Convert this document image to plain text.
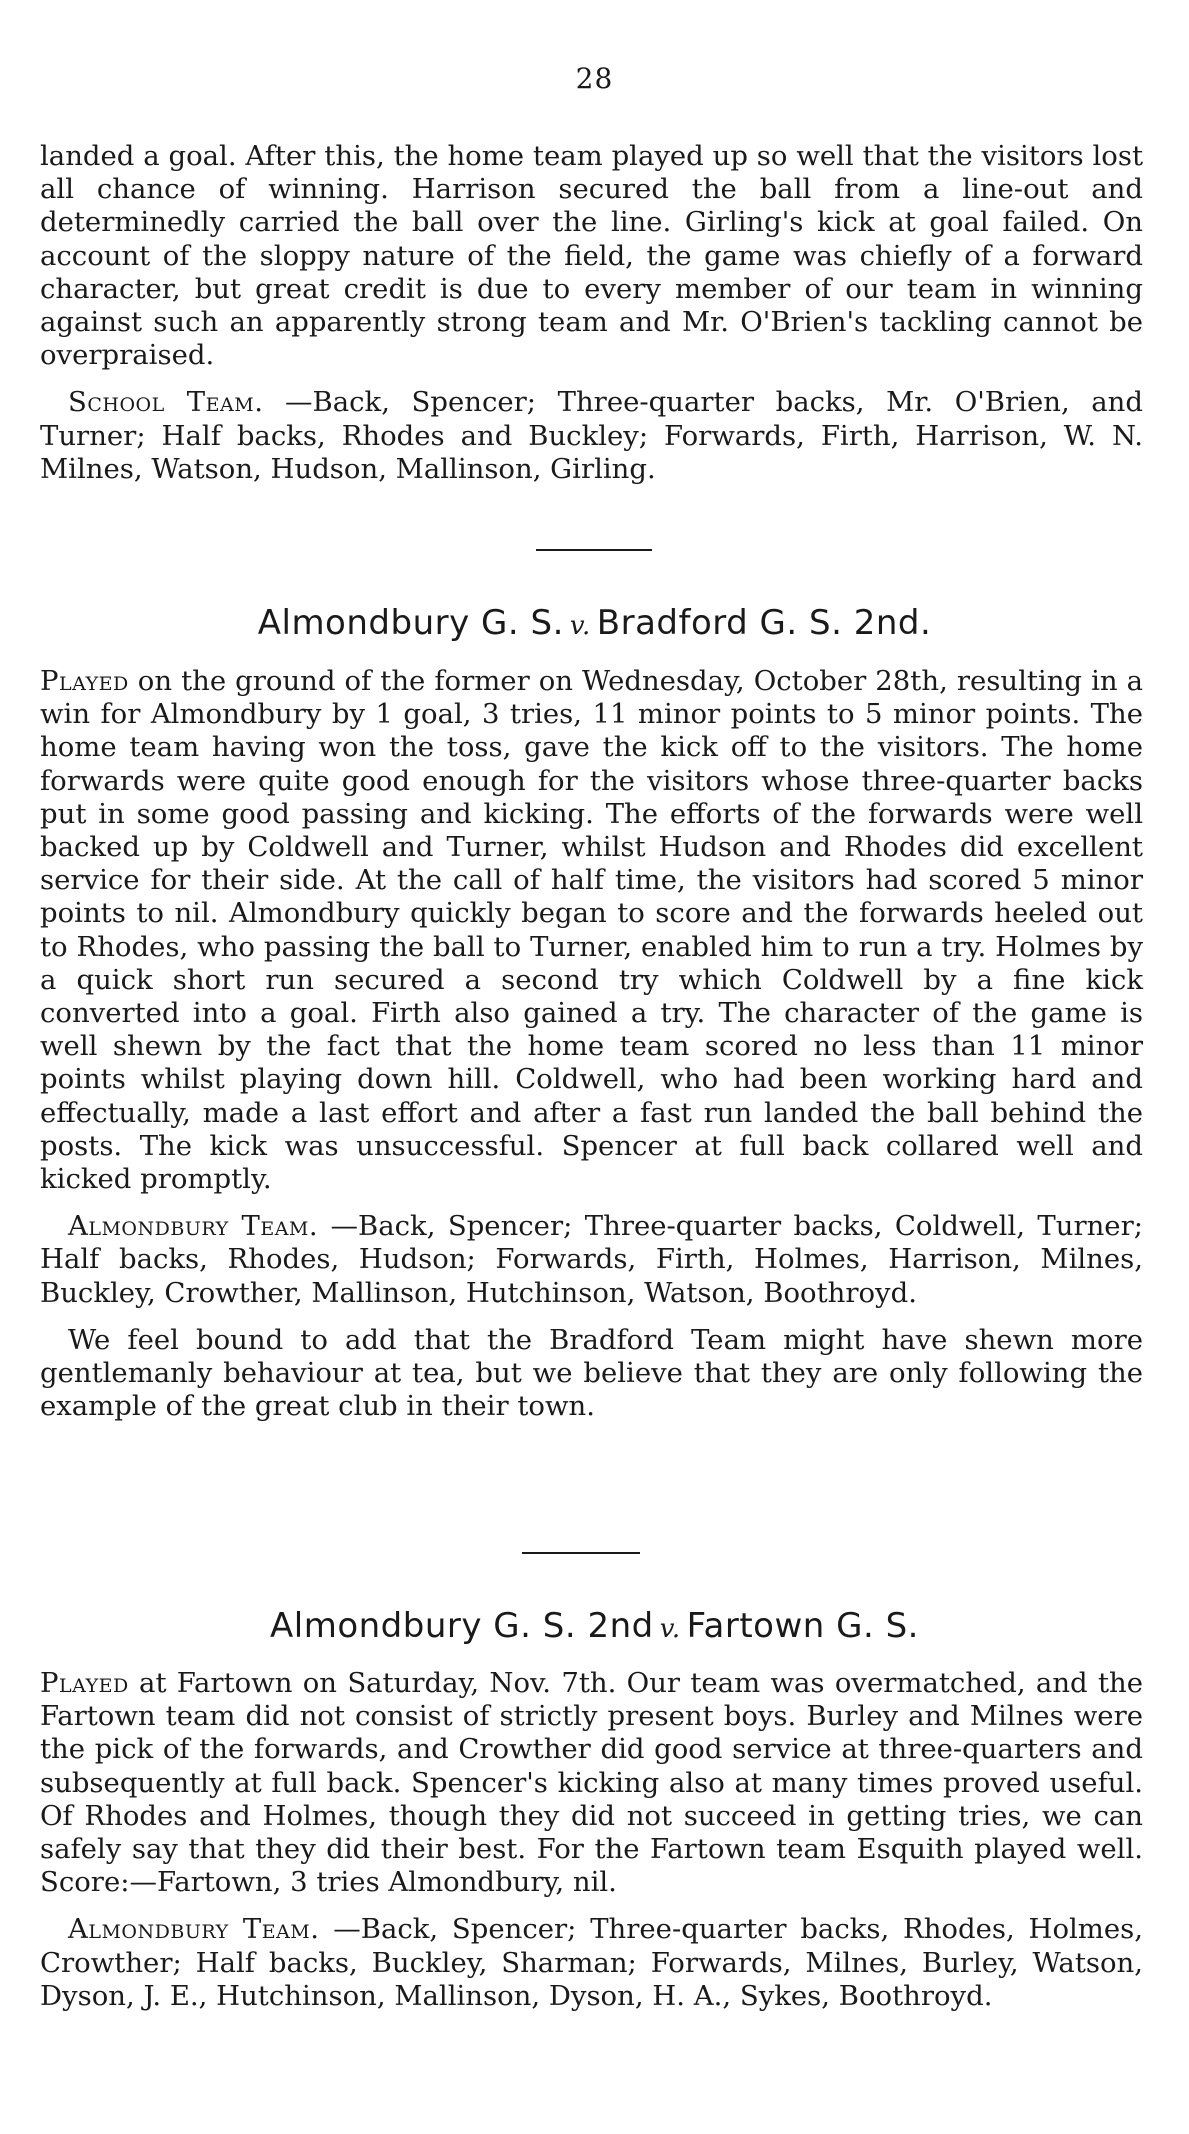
28

landed a goal. After this, the home team played up so well that the visitors lost all chance of winning. Harrison secured the ball from a line-out and determinedly carried the ball over the line. Girling's kick at goal failed. On account of the sloppy nature of the field, the game was chiefly of a forward character, but great credit is due to every member of our team in winning against such an apparently strong team and Mr. O'Brien's tackling cannot be overpraised.

School Team. —Back, Spencer; Three-quarter backs, Mr. O'Brien, and Turner; Half backs, Rhodes and Buckley; Forwards, Firth, Harrison, W. N. Milnes, Watson, Hudson, Mallinson, Girling.

Almondbury G. S. v. Bradford G. S. 2nd.

Played on the ground of the former on Wednesday, October 28th, resulting in a win for Almondbury by 1 goal, 3 tries, 11 minor points to 5 minor points. The home team having won the toss, gave the kick off to the visitors. The home forwards were quite good enough for the visitors whose three-quarter backs put in some good passing and kicking. The efforts of the forwards were well backed up by Coldwell and Turner, whilst Hudson and Rhodes did excellent service for their side. At the call of half time, the visitors had scored 5 minor points to nil. Almondbury quickly began to score and the forwards heeled out to Rhodes, who passing the ball to Turner, enabled him to run a try. Holmes by a quick short run secured a second try which Coldwell by a fine kick converted into a goal. Firth also gained a try. The character of the game is well shewn by the fact that the home team scored no less than 11 minor points whilst playing down hill. Coldwell, who had been working hard and effectually, made a last effort and after a fast run landed the ball behind the posts. The kick was unsuccessful. Spencer at full back collared well and kicked promptly.

Almondbury Team. —Back, Spencer; Three-quarter backs, Coldwell, Turner; Half backs, Rhodes, Hudson; Forwards, Firth, Holmes, Harrison, Milnes, Buckley, Crowther, Mallinson, Hutchinson, Watson, Boothroyd.

We feel bound to add that the Bradford Team might have shewn more gentlemanly behaviour at tea, but we believe that they are only following the example of the great club in their town.

Almondbury G. S. 2nd v. Fartown G. S.

Played at Fartown on Saturday, Nov. 7th. Our team was overmatched, and the Fartown team did not consist of strictly present boys. Burley and Milnes were the pick of the forwards, and Crowther did good service at three-quarters and subsequently at full back. Spencer's kicking also at many times proved useful. Of Rhodes and Holmes, though they did not succeed in getting tries, we can safely say that they did their best. For the Fartown team Esquith played well. Score:—Fartown, 3 tries Almondbury, nil.

Almondbury Team. —Back, Spencer; Three-quarter backs, Rhodes, Holmes, Crowther; Half backs, Buckley, Sharman; Forwards, Milnes, Burley, Watson, Dyson, J. E., Hutchinson, Mallinson, Dyson, H. A., Sykes, Boothroyd.
